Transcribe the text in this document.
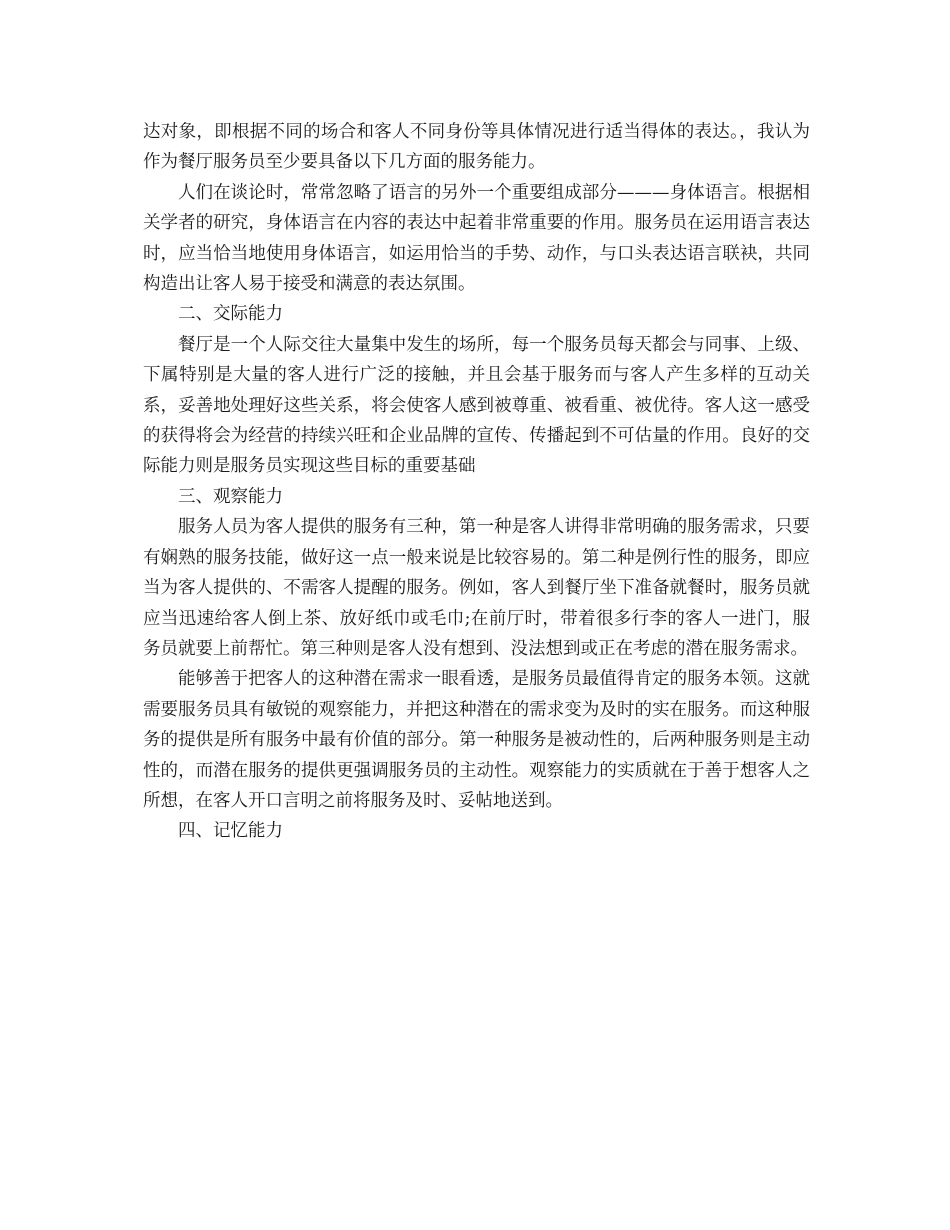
达对象，即根据不同的场合和客人不同身份等具体情况进行适当得体的表达。，我认为作为餐厅服务员至少要具备以下几方面的服务能力。

人们在谈论时，常常忽略了语言的另外一个重要组成部分———身体语言。根据相关学者的研究，身体语言在内容的表达中起着非常重要的作用。服务员在运用语言表达时，应当恰当地使用身体语言，如运用恰当的手势、动作，与口头表达语言联袂，共同构造出让客人易于接受和满意的表达氛围。

二、交际能力

餐厅是一个人际交往大量集中发生的场所，每一个服务员每天都会与同事、上级、下属特别是大量的客人进行广泛的接触，并且会基于服务而与客人产生多样的互动关系，妥善地处理好这些关系，将会使客人感到被尊重、被看重、被优待。客人这一感受的获得将会为经营的持续兴旺和企业品牌的宣传、传播起到不可估量的作用。良好的交际能力则是服务员实现这些目标的重要基础

三、观察能力

服务人员为客人提供的服务有三种，第一种是客人讲得非常明确的服务需求，只要有娴熟的服务技能，做好这一点一般来说是比较容易的。第二种是例行性的服务，即应当为客人提供的、不需客人提醒的服务。例如，客人到餐厅坐下准备就餐时，服务员就应当迅速给客人倒上茶、放好纸巾或毛巾;在前厅时，带着很多行李的客人一进门，服务员就要上前帮忙。第三种则是客人没有想到、没法想到或正在考虑的潜在服务需求。

能够善于把客人的这种潜在需求一眼看透，是服务员最值得肯定的服务本领。这就需要服务员具有敏锐的观察能力，并把这种潜在的需求变为及时的实在服务。而这种服务的提供是所有服务中最有价值的部分。第一种服务是被动性的，后两种服务则是主动性的，而潜在服务的提供更强调服务员的主动性。观察能力的实质就在于善于想客人之所想，在客人开口言明之前将服务及时、妥帖地送到。

四、记忆能力
